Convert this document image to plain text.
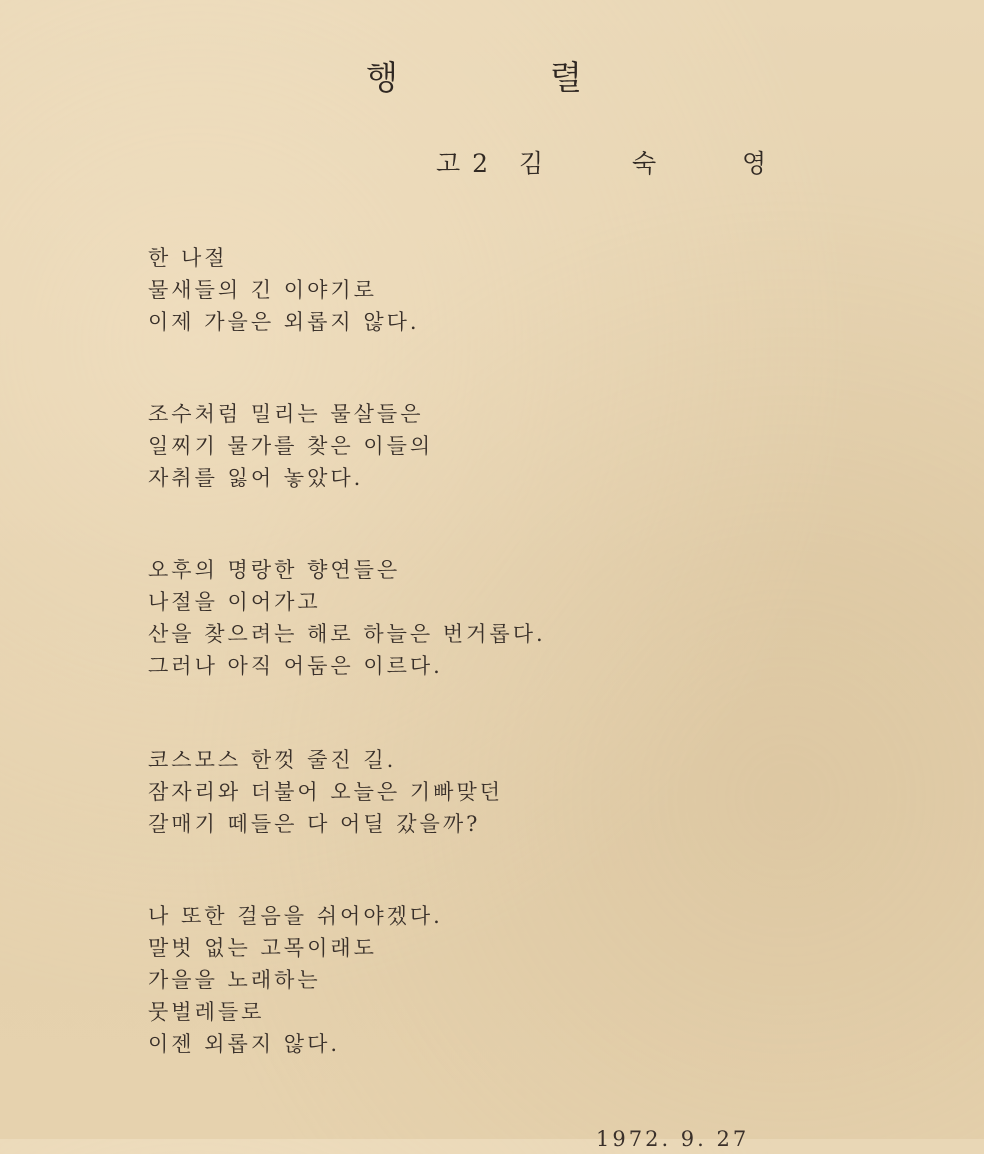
행	렬
고2 김	숙	영
한 나절
물새들의 긴 이야기로
이제 가을은 외롭지 않다.
조수처럼 밀리는 물살들은
일찌기 물가를 찾은 이들의
자취를 잃어 놓았다.
오후의 명랑한 향연들은
나절을 이어가고
산을 찾으려는 해로 하늘은 번거롭다.
그러나 아직 어둠은 이르다.
코스모스 한껏 줄진 길.
잠자리와 더불어 오늘은 기빠맞던
갈매기 떼들은 다 어딜 갔을까?
나 또한 걸음을 쉬어야겠다.
말벗 없는 고목이래도
가을을 노래하는
뭇벌레들로
이젠 외롭지 않다.
1972. 9. 27
